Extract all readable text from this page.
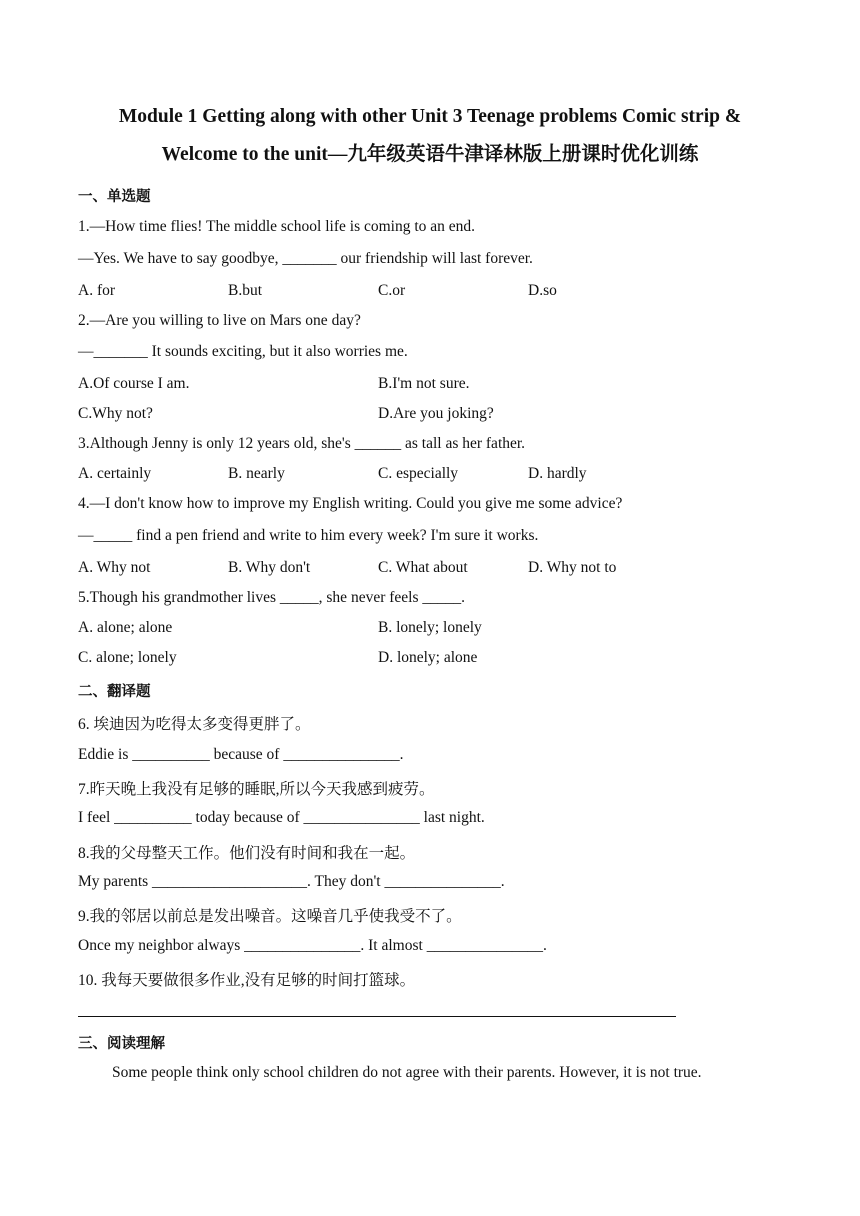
Module 1 Getting along with other Unit 3 Teenage problems Comic strip &
Welcome to the unit—九年级英语牛津译林版上册课时优化训练
一、单选题
1.—How time flies! The middle school life is coming to an end.
—Yes. We have to say goodbye, _______ our friendship will last forever.
A. for	B.but	C.or	D.so
2.—Are you willing to live on Mars one day?
—_______ It sounds exciting, but it also worries me.
A.Of course I am.	B.I'm not sure.
C.Why not?	D.Are you joking?
3.Although Jenny is only 12 years old, she's ______ as tall as her father.
A. certainly	B. nearly	C. especially	D. hardly
4.—I don't know how to improve my English writing. Could you give me some advice?
—_____ find a pen friend and write to him every week? I'm sure it works.
A. Why not	B. Why don't	C. What about	D. Why not to
5.Though his grandmother lives _____, she never feels _____.
A. alone; alone	B. lonely; lonely
C. alone; lonely	D. lonely; alone
二、翻译题
6. 埃迪因为吃得太多变得更胖了。
Eddie is __________ because of _______________.
7.昨天晚上我没有足够的睡眠,所以今天我感到疲劳。
I feel __________ today because of _______________ last night.
8.我的父母整天工作。他们没有时间和我在一起。
My parents ____________________. They don't _______________.
9.我的邻居以前总是发出噪音。这噪音几乎使我受不了。
Once my neighbor always _______________. It almost _______________.
10. 我每天要做很多作业,没有足够的时间打篮球。
三、阅读理解
Some people think only school children do not agree with their parents. However, it is not true.
